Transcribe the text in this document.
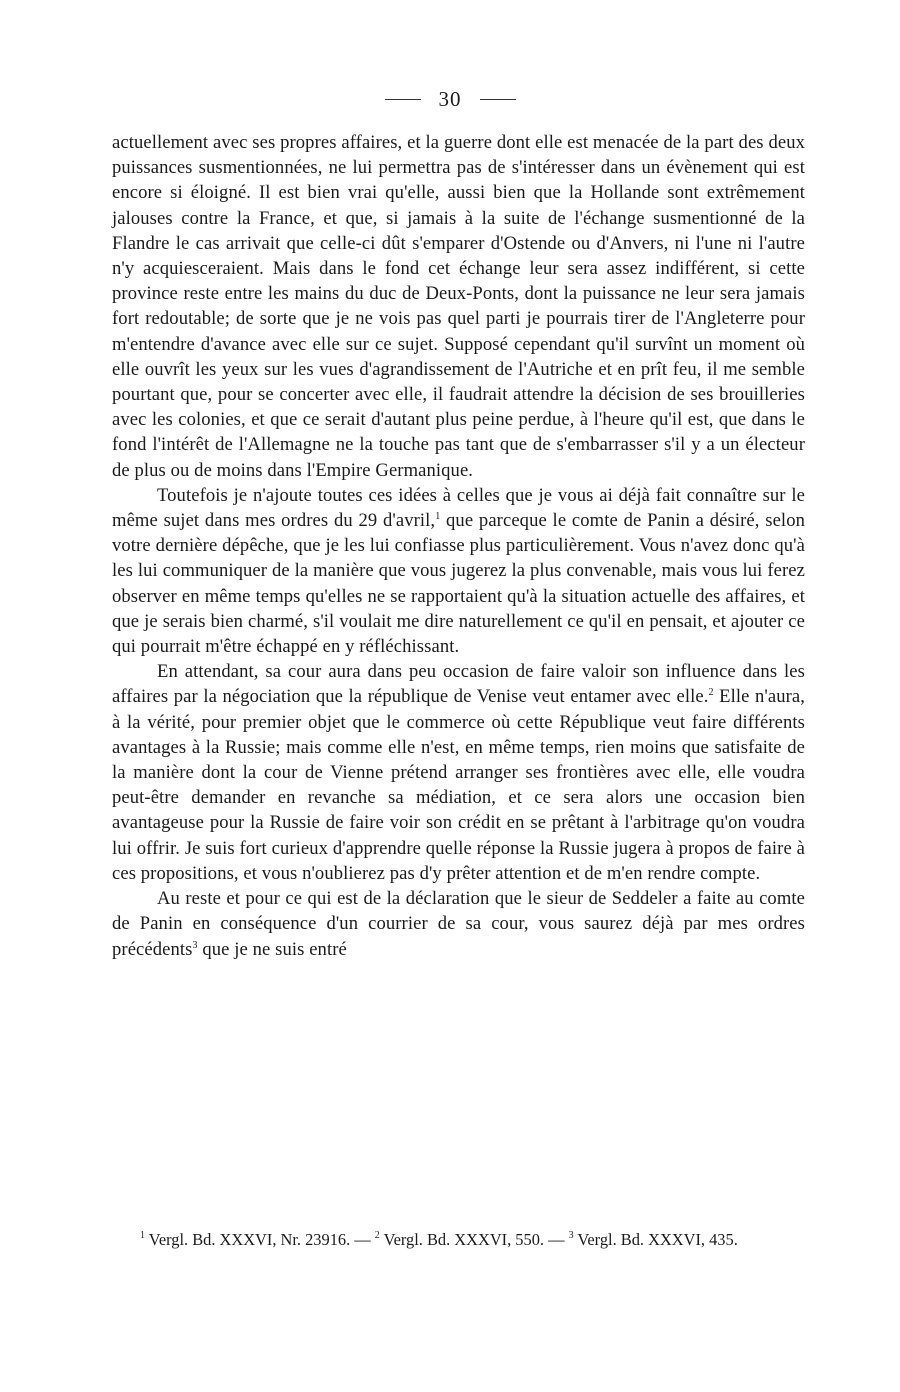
30

actuellement avec ses propres affaires, et la guerre dont elle est menacée de la part des deux puissances susmentionnées, ne lui permettra pas de s'intéresser dans un évènement qui est encore si éloigné. Il est bien vrai qu'elle, aussi bien que la Hollande sont extrêmement jalouses contre la France, et que, si jamais à la suite de l'échange susmentionné de la Flandre le cas arrivait que celle-ci dût s'emparer d'Ostende ou d'Anvers, ni l'une ni l'autre n'y acquiesceraient. Mais dans le fond cet échange leur sera assez indifférent, si cette province reste entre les mains du duc de Deux-Ponts, dont la puissance ne leur sera jamais fort redoutable; de sorte que je ne vois pas quel parti je pourrais tirer de l'Angleterre pour m'entendre d'avance avec elle sur ce sujet. Supposé cependant qu'il survînt un moment où elle ouvrît les yeux sur les vues d'agrandissement de l'Autriche et en prît feu, il me semble pourtant que, pour se concerter avec elle, il faudrait attendre la décision de ses brouilleries avec les colonies, et que ce serait d'autant plus peine perdue, à l'heure qu'il est, que dans le fond l'intérêt de l'Allemagne ne la touche pas tant que de s'embarrasser s'il y a un électeur de plus ou de moins dans l'Empire Germanique.

Toutefois je n'ajoute toutes ces idées à celles que je vous ai déjà fait connaître sur le même sujet dans mes ordres du 29 d'avril,$^1$ que parceque le comte de Panin a désiré, selon votre dernière dépêche, que je les lui confiasse plus particulièrement. Vous n'avez donc qu'à les lui communiquer de la manière que vous jugerez la plus convenable, mais vous lui ferez observer en même temps qu'elles ne se rapportaient qu'à la situation actuelle des affaires, et que je serais bien charmé, s'il voulait me dire naturellement ce qu'il en pensait, et ajouter ce qui pourrait m'être échappé en y réfléchissant.

En attendant, sa cour aura dans peu occasion de faire valoir son influence dans les affaires par la négociation que la république de Venise veut entamer avec elle.$^2$ Elle n'aura, à la vérité, pour premier objet que le commerce où cette République veut faire différents avantages à la Russie; mais comme elle n'est, en même temps, rien moins que satisfaite de la manière dont la cour de Vienne prétend arranger ses frontières avec elle, elle voudra peut-être demander en revanche sa médiation, et ce sera alors une occasion bien avantageuse pour la Russie de faire voir son crédit en se prêtant à l'arbitrage qu'on voudra lui offrir. Je suis fort curieux d'apprendre quelle réponse la Russie jugera à propos de faire à ces propositions, et vous n'oublierez pas d'y prêter attention et de m'en rendre compte.

Au reste et pour ce qui est de la déclaration que le sieur de Seddeler a faite au comte de Panin en conséquence d'un courrier de sa cour, vous saurez déjà par mes ordres précédents$^3$ que je ne suis entré

$^1$ Vergl. Bd. XXXVI, Nr. 23916. — $^2$ Vergl. Bd. XXXVI, 550. — $^3$ Vergl. Bd. XXXVI, 435.
